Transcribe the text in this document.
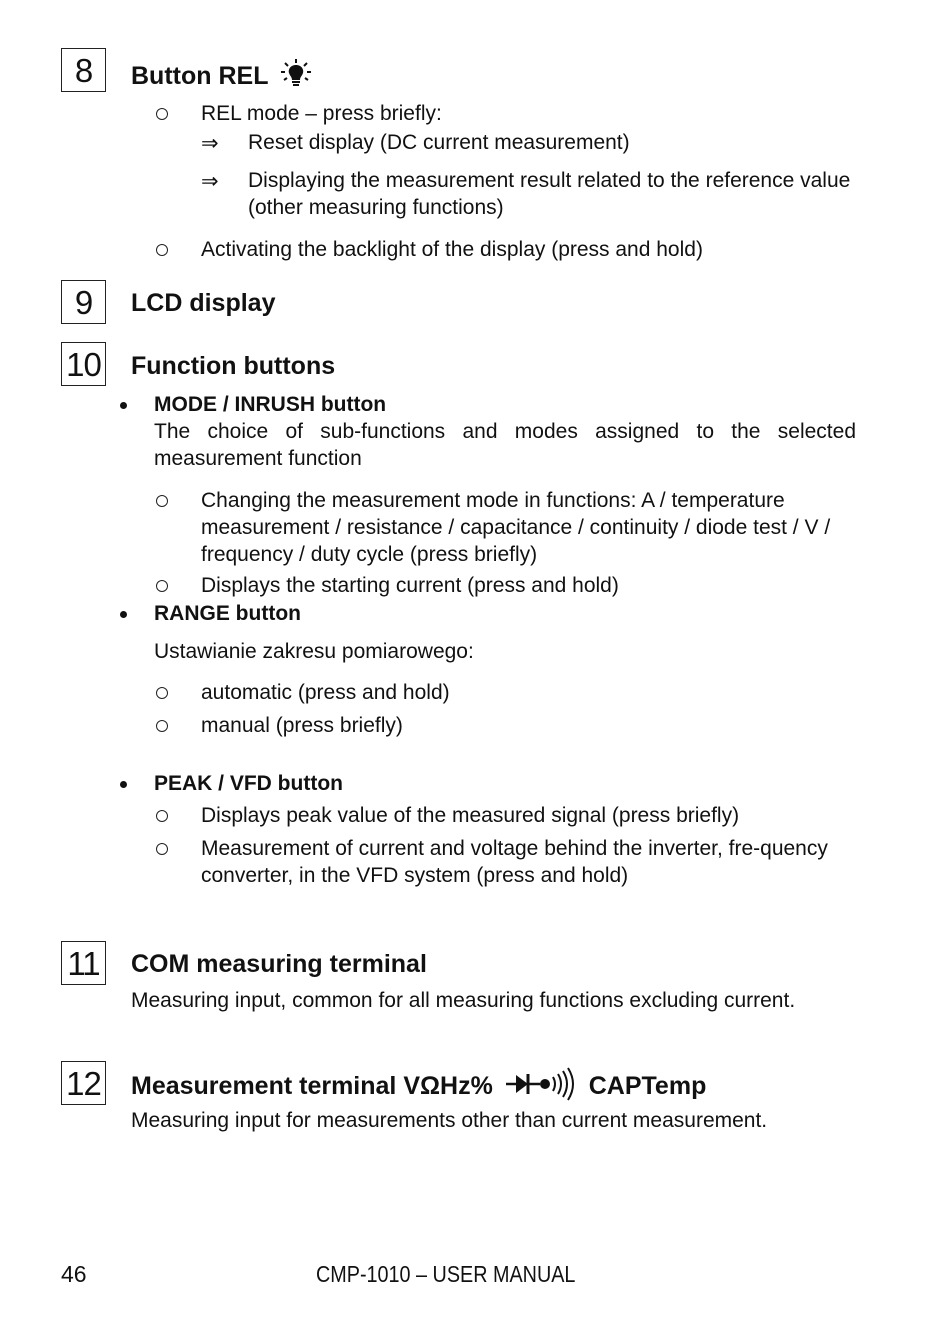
8	Button REL
REL mode – press briefly:
⇒ Reset display (DC current measurement)
⇒ Displaying the measurement result related to the reference value (other measuring functions)
Activating the backlight of the display (press and hold)
9	LCD display
10 Function buttons
MODE / INRUSH button
The choice of sub-functions and modes assigned to the selected measurement function
Changing the measurement mode in functions: A / temperature measurement / resistance / capacitance / continuity / diode test / V / frequency / duty cycle (press briefly)
Displays the starting current (press and hold)
RANGE button
Ustawianie zakresu pomiarowego:
automatic (press and hold)
manual (press briefly)
PEAK / VFD button
Displays peak value of the measured signal (press briefly)
Measurement of current and voltage behind the inverter, fre-quency converter, in the VFD system (press and hold)
11 COM measuring terminal
Measuring input, common for all measuring functions excluding current.
12 Measurement terminal VΩHz%	CAPTemp
Measuring input for measurements other than current measurement.
46	CMP-1010 – USER MANUAL
